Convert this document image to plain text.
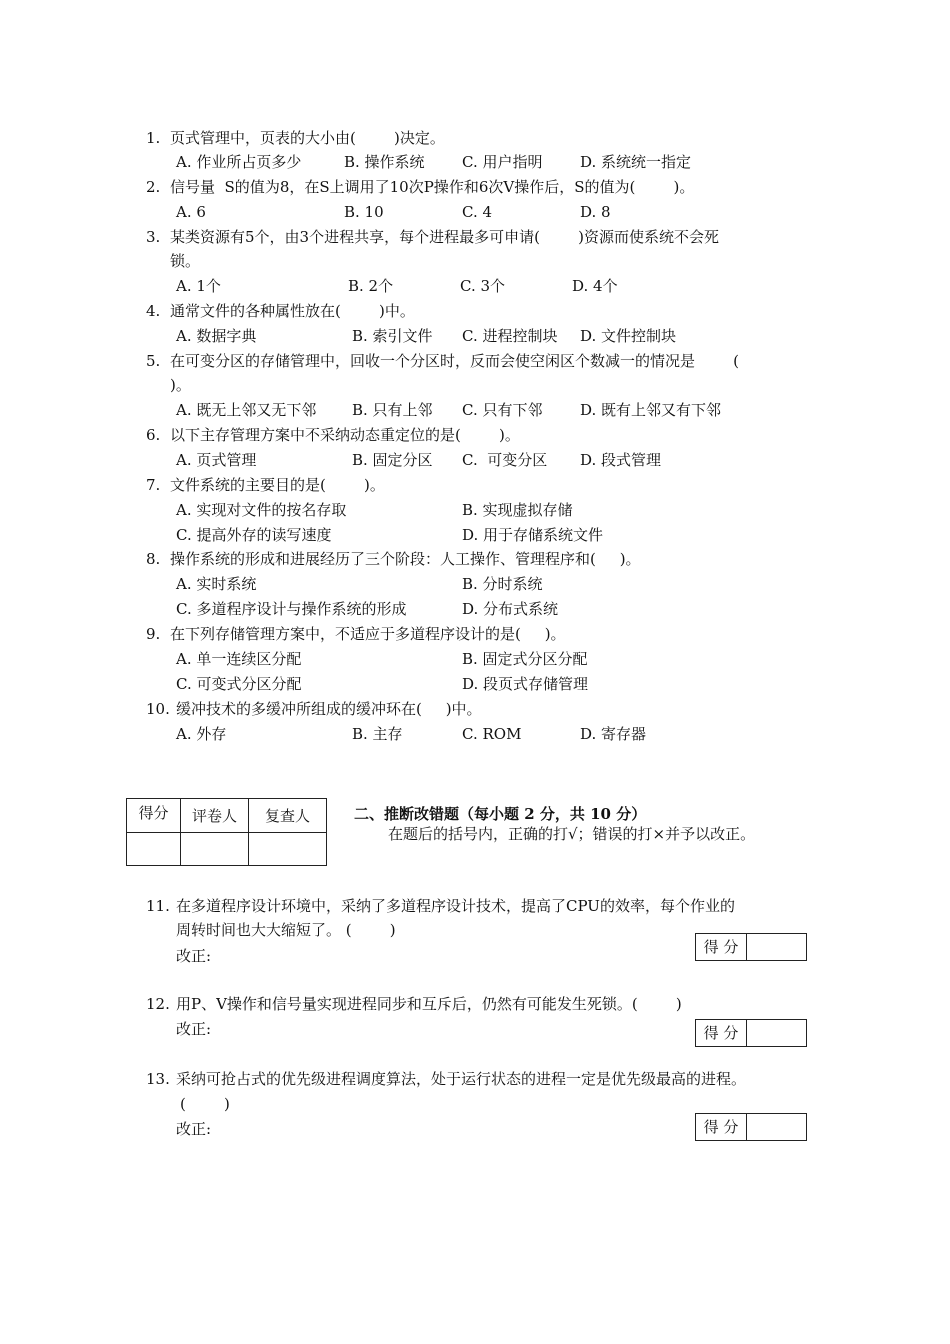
1. 页式管理中，页表的大小由(        )决定。
A. 作业所占页多少	B. 操作系统 C. 用户指明	D. 系统统一指定
2. 信号量  S的值为8，在S上调用了10次P操作和6次V操作后，S的值为(        )。
A. 6	B. 10	C. 4	D. 8
3. 某类资源有5个，由3个进程共享，每个进程最多可申请(        )资源而使系统不会死
锁。
A. 1个	B. 2个	C. 3个	D. 4个
4. 通常文件的各种属性放在(        )中。
A. 数据字典	B. 索引文件 C. 进程控制块 D. 文件控制块
5. 在可变分区的存储管理中，回收一个分区时，反而会使空闲区个数减一的情况是        (
)。
A. 既无上邻又无下邻 B. 只有上邻 C. 只有下邻	D. 既有上邻又有下邻
6. 以下主存管理方案中不采纳动态重定位的是(        )。
A. 页式管理	B. 固定分区 C.  可变分区 D. 段式管理
7. 文件系统的主要目的是(        )。
A. 实现对文件的按名存取	B. 实现虚拟存储
C. 提高外存的读写速度	D. 用于存储系统文件
8. 操作系统的形成和进展经历了三个阶段：人工操作、管理程序和(     )。
A. 实时系统	B. 分时系统
C. 多道程序设计与操作系统的形成	D. 分布式系统
9. 在下列存储管理方案中，不适应于多道程序设计的是(     )。
A. 单一连续区分配	B. 固定式分区分配
C. 可变式分区分配	D. 段页式存储管理
10. 缓冲技术的多缓冲所组成的缓冲环在(     )中。
A. 外存	B. 主存	C. ROM	D. 寄存器
得分	评卷人	复查人	二、推断改错题（每小题 2 分，共 10 分）
在题后的括号内，正确的打√；错误的打×并予以改正。
11. 在多道程序设计环境中，采纳了多道程序设计技术，提高了CPU的效率，每个作业的
周转时间也大大缩短了。 (        )
改正:	得 分
12. 用P、V操作和信号量实现进程同步和互斥后，仍然有可能发生死锁。(        )
改正:	得 分
13. 采纳可抢占式的优先级进程调度算法，处于运行状态的进程一定是优先级最高的进程。
(        )
改正:	得 分
